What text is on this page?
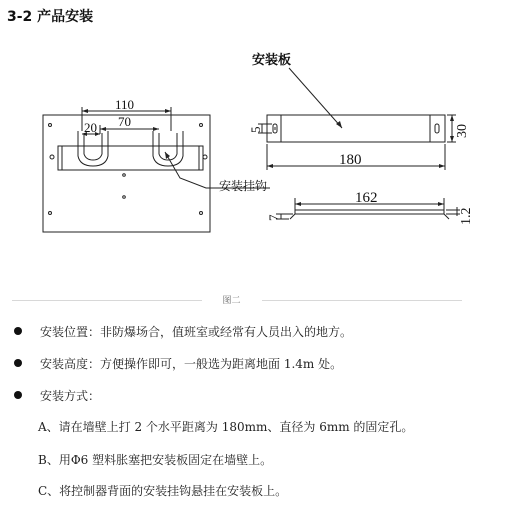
3-2 产品安装
110
70
20
180
162
5	30
7	1.2
安装板
安装挂钩
图二
安装位置：非防爆场合，值班室或经常有人员出入的地方。
安装高度：方便操作即可，一般选为距离地面 1.4m 处。
安装方式：
A、请在墙壁上打 2 个水平距离为 180mm、直径为 6mm 的固定孔。
B、用Φ6 塑料胀塞把安装板固定在墙壁上。
C、将控制器背面的安装挂钩悬挂在安装板上。
